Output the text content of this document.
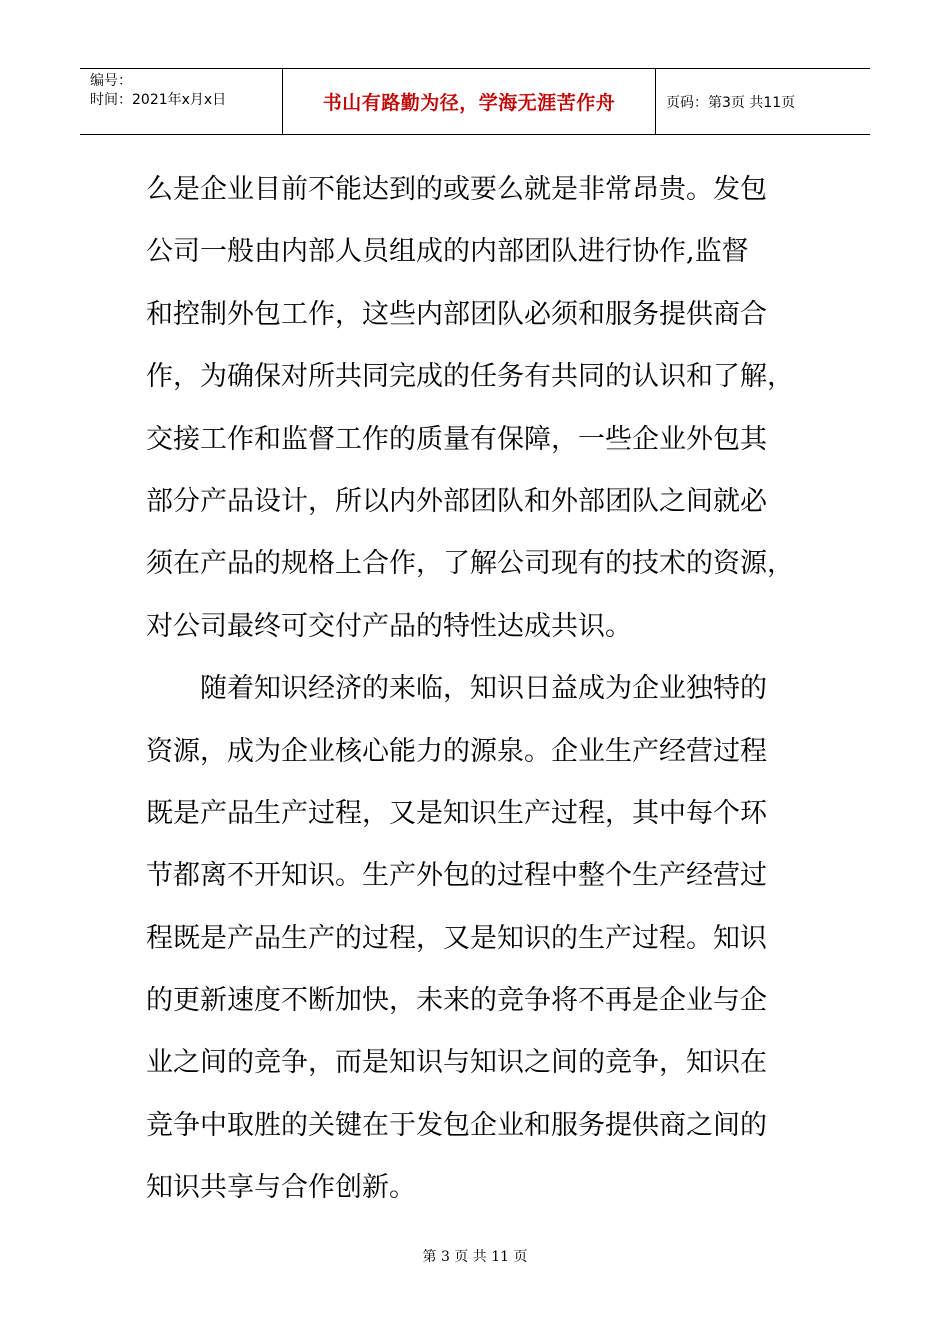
编号：
时间：2021年x月x日	书山有路勤为径，学海无涯苦作舟	页码：第3页 共11页
么是企业目前不能达到的或要么就是非常昂贵。发包
公司一般由内部人员组成的内部团队进行协作,监督
和控制外包工作，这些内部团队必须和服务提供商合
作，为确保对所共同完成的任务有共同的认识和了解，
交接工作和监督工作的质量有保障，一些企业外包其
部分产品设计，所以内外部团队和外部团队之间就必
须在产品的规格上合作，了解公司现有的技术的资源，
对公司最终可交付产品的特性达成共识。
　　随着知识经济的来临，知识日益成为企业独特的
资源，成为企业核心能力的源泉。企业生产经营过程
既是产品生产过程，又是知识生产过程，其中每个环
节都离不开知识。生产外包的过程中整个生产经营过
程既是产品生产的过程，又是知识的生产过程。知识
的更新速度不断加快，未来的竞争将不再是企业与企
业之间的竞争，而是知识与知识之间的竞争，知识在
竞争中取胜的关键在于发包企业和服务提供商之间的
知识共享与合作创新。
第 3 页 共 11 页
